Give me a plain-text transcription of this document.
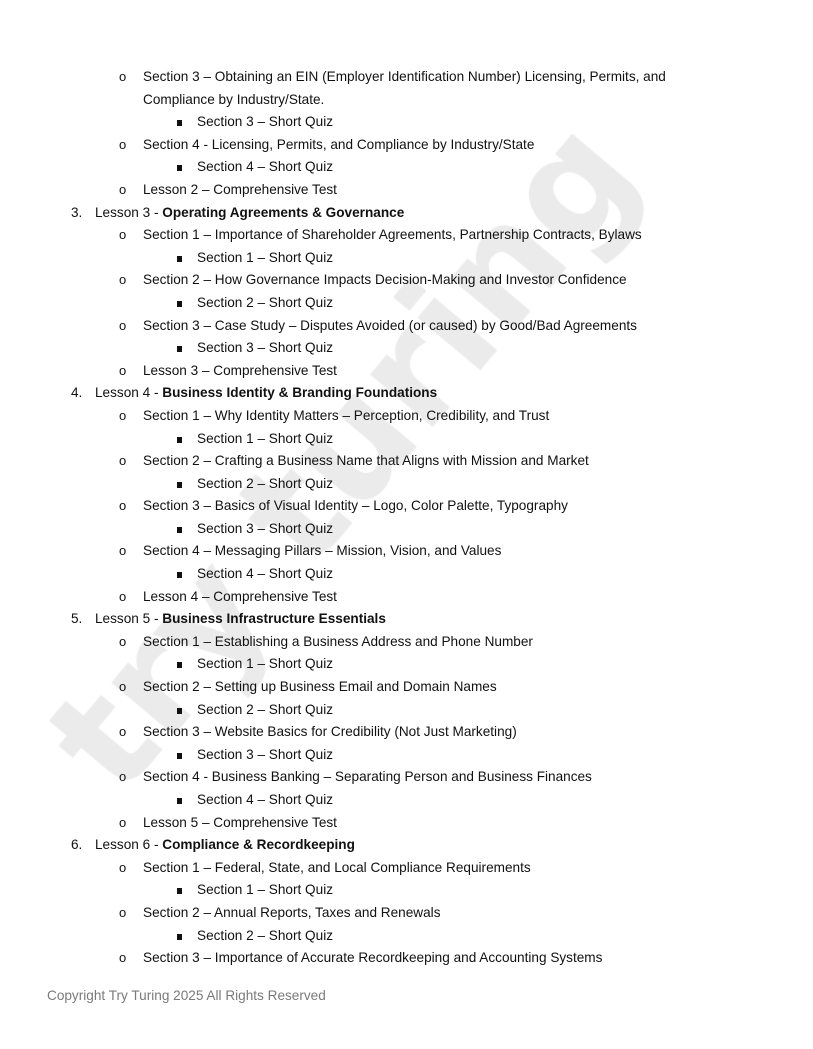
o Section 3 – Obtaining an EIN (Employer Identification Number) Licensing, Permits, and Compliance by Industry/State.
Section 3 – Short Quiz
o Section 4 - Licensing, Permits, and Compliance by Industry/State
Section 4 – Short Quiz
o Lesson 2 – Comprehensive Test
3. Lesson 3 - Operating Agreements & Governance
o Section 1 – Importance of Shareholder Agreements, Partnership Contracts, Bylaws
Section 1 – Short Quiz
o Section 2 – How Governance Impacts Decision-Making and Investor Confidence
Section 2 – Short Quiz
o Section 3 – Case Study – Disputes Avoided (or caused) by Good/Bad Agreements
Section 3 – Short Quiz
o Lesson 3 – Comprehensive Test
4. Lesson 4 - Business Identity & Branding Foundations
o Section 1 – Why Identity Matters – Perception, Credibility, and Trust
Section 1 – Short Quiz
o Section 2 – Crafting a Business Name that Aligns with Mission and Market
Section 2 – Short Quiz
o Section 3 – Basics of Visual Identity – Logo, Color Palette, Typography
Section 3 – Short Quiz
o Section 4 – Messaging Pillars – Mission, Vision, and Values
Section 4 – Short Quiz
o Lesson 4 – Comprehensive Test
5. Lesson 5 - Business Infrastructure Essentials
o Section 1 – Establishing a Business Address and Phone Number
Section 1 – Short Quiz
o Section 2 – Setting up Business Email and Domain Names
Section 2 – Short Quiz
o Section 3 – Website Basics for Credibility (Not Just Marketing)
Section 3 – Short Quiz
o Section 4 - Business Banking – Separating Person and Business Finances
Section 4 – Short Quiz
o Lesson 5 – Comprehensive Test
6. Lesson 6 - Compliance & Recordkeeping
o Section 1 – Federal, State, and Local Compliance Requirements
Section 1 – Short Quiz
o Section 2 – Annual Reports, Taxes and Renewals
Section 2 – Short Quiz
o Section 3 – Importance of Accurate Recordkeeping and Accounting Systems
Copyright Try Turing 2025 All Rights Reserved
